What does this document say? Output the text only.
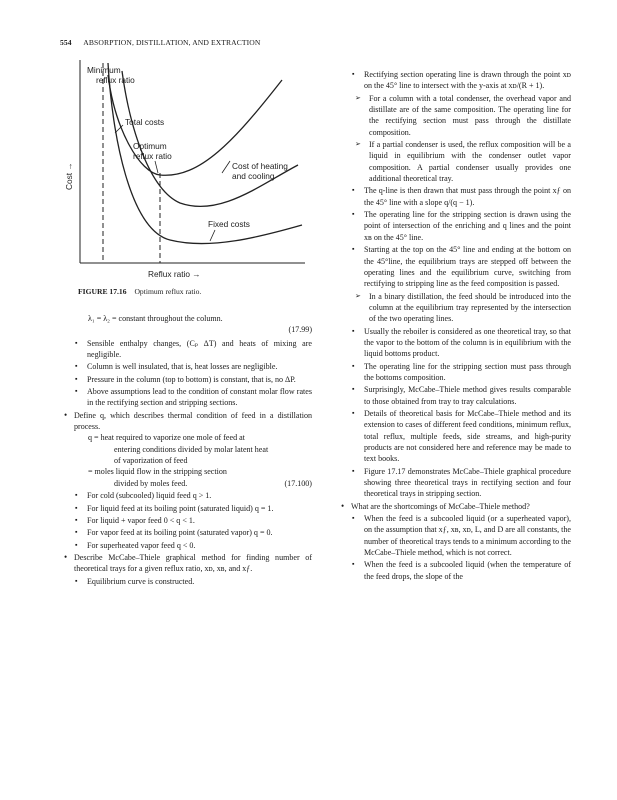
554 ABSORPTION, DISTILLATION, AND EXTRACTION
Minimum
reflux ratio
Total costs
Optimum
reflux ratio
Cost of heating
and cooling
Fixed costs
Reflux ratio →
Cost →
FIGURE 17.16 Optimum reflux ratio.
λ₁ = λ₂ = constant throughout the column.
(17.99)
▪ Sensible enthalpy changes, (Cₚ ΔT) and heats of mixing are negligible.
▪ Column is well insulated, that is, heat losses are negligible.
▪ Pressure in the column (top to bottom) is constant, that is, no ΔP.
▪ Above assumptions lead to the condition of constant molar flow rates in the rectifying section and stripping sections.
• Define q, which describes thermal condition of feed in a distillation process.
q = heat required to vaporize one mole of feed at
entering conditions divided by molar latent heat
of vaporization of feed
= moles liquid flow in the stripping section
divided by moles feed.	(17.100)
▪ For cold (subcooled) liquid feed q > 1.
▪ For liquid feed at its boiling point (saturated liquid) q = 1.
▪ For liquid + vapor feed 0 < q < 1.
▪ For vapor feed at its boiling point (saturated vapor) q = 0.
▪ For superheated vapor feed q < 0.
• Describe McCabe–Thiele graphical method for finding number of theoretical trays for a given reflux ratio, xᴅ, xʙ, and xƒ.
▪ Equilibrium curve is constructed.
▪ Rectifying section operating line is drawn through the point xᴅ on the 45° line to intersect with the y-axis at xᴅ/(R + 1).
➢ For a column with a total condenser, the overhead vapor and distillate are of the same composition. The operating line for the rectifying section must pass through the distillate composition.
➢ If a partial condenser is used, the reflux composition will be a liquid in equilibrium with the condenser outlet vapor composition. A partial condenser usually provides one additional theoretical tray.
▪ The q-line is then drawn that must pass through the point xƒ on the 45° line with a slope q/(q − 1).
▪ The operating line for the stripping section is drawn using the point of intersection of the enriching and q lines and the point xʙ on the 45° line.
▪ Starting at the top on the 45° line and ending at the bottom on the 45°line, the equilibrium trays are stepped off between the operating lines and the equilibrium curve, switching from rectifying to stripping line as the feed composition is passed.
➢ In a binary distillation, the feed should be introduced into the column at the equilibrium tray represented by the intersection of the two operating lines.
▪ Usually the reboiler is considered as one theoretical tray, so that the vapor to the bottom of the column is in equilibrium with the liquid bottoms product.
▪ The operating line for the stripping section must pass through the bottoms composition.
▪ Surprisingly, McCabe–Thiele method gives results comparable to those obtained from tray to tray calculations.
▪ Details of theoretical basis for McCabe–Thiele method and its extension to cases of different feed conditions, minimum reflux, total reflux, multiple feeds, side streams, and high-purity products are not considered here and reference may be made to text books.
▪ Figure 17.17 demonstrates McCabe–Thiele graphical procedure showing three theoretical trays in rectifying section and four theoretical trays in stripping section.
• What are the shortcomings of McCabe–Thiele method?
▪ When the feed is a subcooled liquid (or a superheated vapor), on the assumption that xƒ, xʙ, xᴅ, L, and D are all constants, the number of theoretical trays tends to a minimum according to the McCabe–Thiele method, which is not correct.
▪ When the feed is a subcooled liquid (when the temperature of the feed drops, the slope of the
